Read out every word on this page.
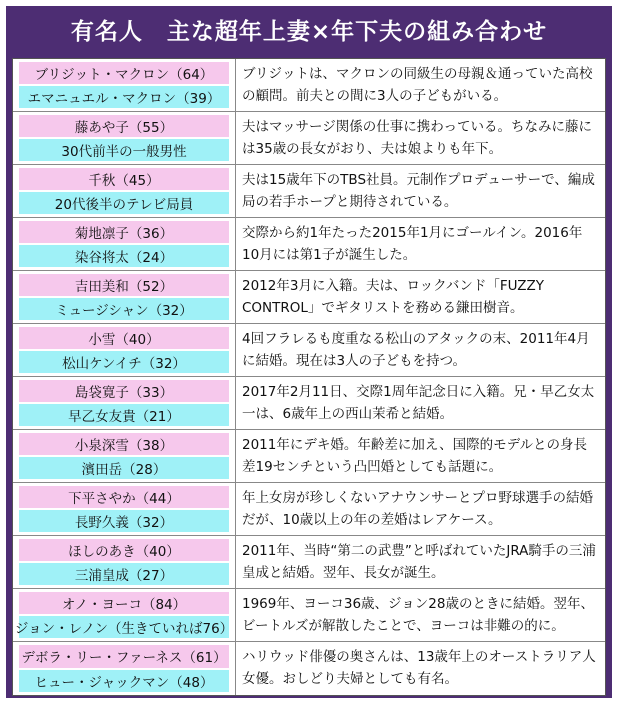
有名人　主な超年上妻×年下夫の組み合わせ
ブリジット・マクロン（64）
エマニュエル・マクロン（39）
ブリジットは、マクロンの同級生の母親＆通っていた高校の顧問。前夫との間に3人の子どもがいる。
藤あや子（55）
30代前半の一般男性
夫はマッサージ関係の仕事に携わっている。ちなみに藤には35歳の長女がおり、夫は娘よりも年下。
千秋（45）
20代後半のテレビ局員
夫は15歳年下のTBS社員。元制作プロデューサーで、編成局の若手ホープと期待されている。
菊地凛子（36）
染谷将太（24）
交際から約1年たった2015年1月にゴールイン。2016年10月には第1子が誕生した。
吉田美和（52）
ミュージシャン（32）
2012年3月に入籍。夫は、ロックバンド「FUZZY CONTROL」でギタリストを務める鎌田樹音。
小雪（40）
松山ケンイチ（32）
4回フラレるも度重なる松山のアタックの末、2011年4月に結婚。現在は3人の子どもを持つ。
島袋寛子（33）
早乙女友貴（21）
2017年2月11日、交際1周年記念日に入籍。兄・早乙女太一は、6歳年上の西山茉希と結婚。
小泉深雪（38）
濱田岳（28）
2011年にデキ婚。年齢差に加え、国際的モデルとの身長差19センチという凸凹婚としても話題に。
下平さやか（44）
長野久義（32）
年上女房が珍しくないアナウンサーとプロ野球選手の結婚だが、10歳以上の年の差婚はレアケース。
ほしのあき（40）
三浦皇成（27）
2011年、当時“第二の武豊”と呼ばれていたJRA騎手の三浦皇成と結婚。翌年、長女が誕生。
オノ・ヨーコ（84）
ジョン・レノン（生きていれば76）
1969年、ヨーコ36歳、ジョン28歳のときに結婚。翌年、ビートルズが解散したことで、ヨーコは非難の的に。
デボラ・リー・ファーネス（61）
ヒュー・ジャックマン（48）
ハリウッド俳優の奥さんは、13歳年上のオーストラリア人女優。おしどり夫婦としても有名。
